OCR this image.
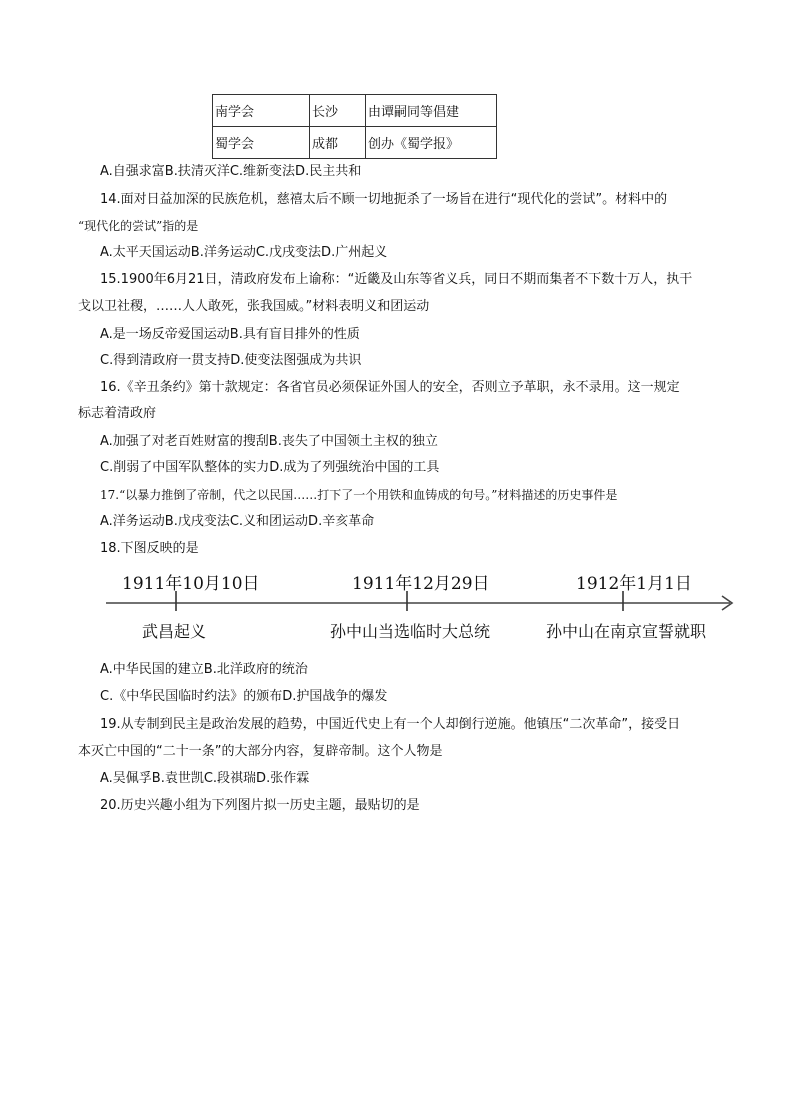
南学会	长沙	由谭嗣同等倡建
蜀学会	成都	创办《蜀学报》
A.自强求富B.扶清灭洋C.维新变法D.民主共和
14.面对日益加深的民族危机，慈禧太后不顾一切地扼杀了一场旨在进行“现代化的尝试”。材料中的
“现代化的尝试”指的是
A.太平天国运动B.洋务运动C.戊戌变法D.广州起义
15.1900年6月21日，清政府发布上谕称：“近畿及山东等省义兵，同日不期而集者不下数十万人，执干
戈以卫社稷，……人人敢死，张我国威。”材料表明义和团运动
A.是一场反帝爱国运动B.具有盲目排外的性质
C.得到清政府一贯支持D.使变法图强成为共识
16.《辛丑条约》第十款规定：各省官员必须保证外国人的安全，否则立予革职，永不录用。这一规定
标志着清政府
A.加强了对老百姓财富的搜刮B.丧失了中国领土主权的独立
C.削弱了中国军队整体的实力D.成为了列强统治中国的工具
17.“以暴力推倒了帝制，代之以民国……打下了一个用铁和血铸成的句号。”材料描述的历史事件是
A.洋务运动B.戊戌变法C.义和团运动D.辛亥革命
18.下图反映的是
1911年10月10日	1911年12月29日	1912年1月1日
武昌起义	孙中山当选临时大总统	孙中山在南京宣誓就职
A.中华民国的建立B.北洋政府的统治
C.《中华民国临时约法》的颁布D.护国战争的爆发
19.从专制到民主是政治发展的趋势，中国近代史上有一个人却倒行逆施。他镇压“二次革命”，接受日
本灭亡中国的“二十一条”的大部分内容，复辟帝制。这个人物是
A.吴佩孚B.袁世凯C.段祺瑞D.张作霖
20.历史兴趣小组为下列图片拟一历史主题，最贴切的是
